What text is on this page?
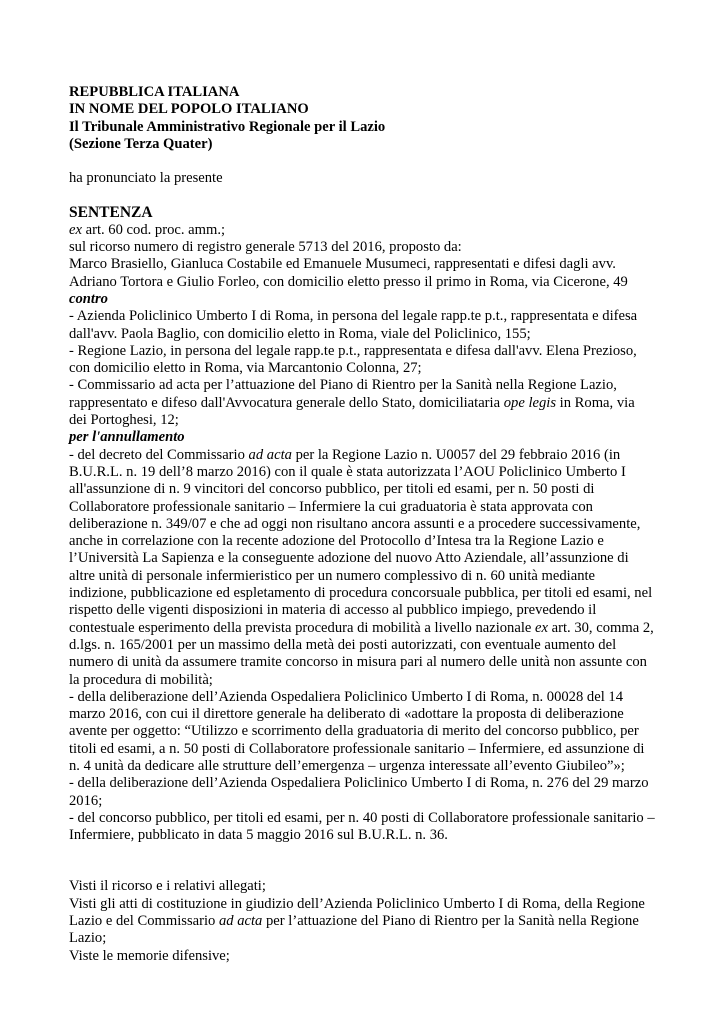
REPUBBLICA ITALIANA
IN NOME DEL POPOLO ITALIANO
Il Tribunale Amministrativo Regionale per il Lazio
(Sezione Terza Quater)
ha pronunciato la presente
SENTENZA
ex art. 60 cod. proc. amm.;
sul ricorso numero di registro generale 5713 del 2016, proposto da:
Marco Brasiello, Gianluca Costabile ed Emanuele Musumeci, rappresentati e difesi dagli avv.
Adriano Tortora e Giulio Forleo, con domicilio eletto presso il primo in Roma, via Cicerone, 49
contro
- Azienda Policlinico Umberto I di Roma, in persona del legale rapp.te p.t., rappresentata e difesa
dall'avv. Paola Baglio, con domicilio eletto in Roma, viale del Policlinico, 155;
- Regione Lazio, in persona del legale rapp.te p.t., rappresentata e difesa dall'avv. Elena Prezioso,
con domicilio eletto in Roma, via Marcantonio Colonna, 27;
- Commissario ad acta per l’attuazione del Piano di Rientro per la Sanità nella Regione Lazio,
rappresentato e difeso dall'Avvocatura generale dello Stato, domiciliataria ope legis in Roma, via
dei Portoghesi, 12;
per l'annullamento
- del decreto del Commissario ad acta per la Regione Lazio n. U0057 del 29 febbraio 2016 (in
B.U.R.L. n. 19 dell’8 marzo 2016) con il quale è stata autorizzata l’AOU Policlinico Umberto I
all'assunzione di n. 9 vincitori del concorso pubblico, per titoli ed esami, per n. 50 posti di
Collaboratore professionale sanitario – Infermiere la cui graduatoria è stata approvata con
deliberazione n. 349/07 e che ad oggi non risultano ancora assunti e a procedere successivamente,
anche in correlazione con la recente adozione del Protocollo d’Intesa tra la Regione Lazio e
l’Università La Sapienza e la conseguente adozione del nuovo Atto Aziendale, all’assunzione di
altre unità di personale infermieristico per un numero complessivo di n. 60 unità mediante
indizione, pubblicazione ed espletamento di procedura concorsuale pubblica, per titoli ed esami, nel
rispetto delle vigenti disposizioni in materia di accesso al pubblico impiego, prevedendo il
contestuale esperimento della prevista procedura di mobilità a livello nazionale ex art. 30, comma 2,
d.lgs. n. 165/2001 per un massimo della metà dei posti autorizzati, con eventuale aumento del
numero di unità da assumere tramite concorso in misura pari al numero delle unità non assunte con
la procedura di mobilità;
- della deliberazione dell’Azienda Ospedaliera Policlinico Umberto I di Roma, n. 00028 del 14
marzo 2016, con cui il direttore generale ha deliberato di «adottare la proposta di deliberazione
avente per oggetto: “Utilizzo e scorrimento della graduatoria di merito del concorso pubblico, per
titoli ed esami, a n. 50 posti di Collaboratore professionale sanitario – Infermiere, ed assunzione di
n. 4 unità da dedicare alle strutture dell’emergenza – urgenza interessate all’evento Giubileo”»;
- della deliberazione dell’Azienda Ospedaliera Policlinico Umberto I di Roma, n. 276 del 29 marzo
2016;
- del concorso pubblico, per titoli ed esami, per n. 40 posti di Collaboratore professionale sanitario –
Infermiere, pubblicato in data 5 maggio 2016 sul B.U.R.L. n. 36.
Visti il ricorso e i relativi allegati;
Visti gli atti di costituzione in giudizio dell’Azienda Policlinico Umberto I di Roma, della Regione
Lazio e del Commissario ad acta per l’attuazione del Piano di Rientro per la Sanità nella Regione
Lazio;
Viste le memorie difensive;
